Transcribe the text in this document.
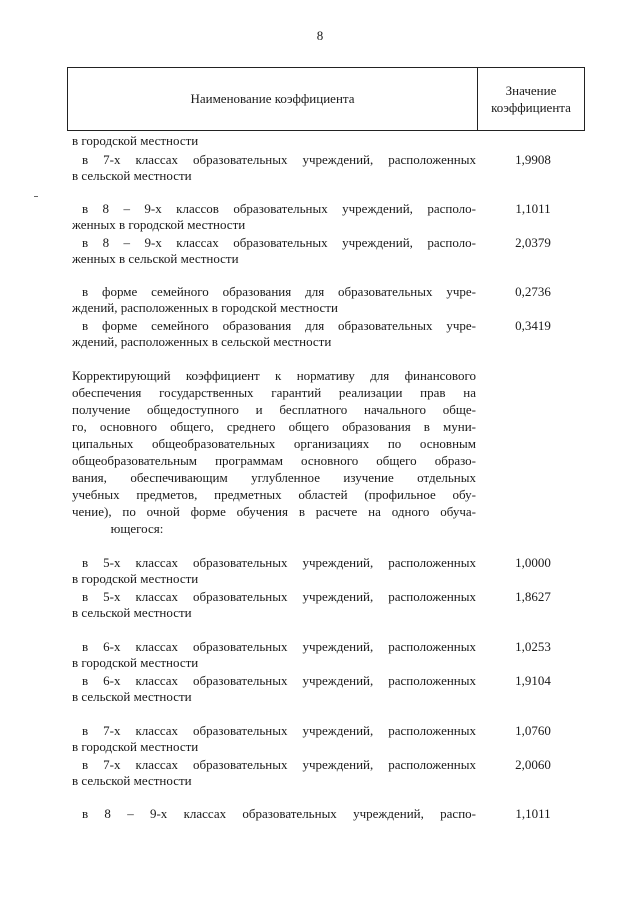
8
Наименование коэффициента
Значение
коэффициента
в городской местности
в 7-х классах образовательных учреждений, расположенных
в сельской местности
1,9908
в 8 – 9-х классов образовательных учреждений, располо-
женных в городской местности
1,1011
в 8 – 9-х классах образовательных учреждений, располо-
женных в сельской местности
2,0379
в форме семейного образования для образовательных учре-
ждений, расположенных в городской местности
0,2736
в форме семейного образования для образовательных учре-
ждений, расположенных в сельской местности
0,3419
Корректирующий коэффициент к нормативу для финансового
обеспечения государственных гарантий реализации прав на
получение общедоступного и бесплатного начального обще-
го, основного общего, среднего общего образования в муни-
ципальных общеобразовательных организациях по основным
общеобразовательным программам основного общего образо-
вания, обеспечивающим углубленное изучение отдельных
учебных предметов, предметных областей (профильное обу-
чение), по очной форме обучения в расчете на одного обуча-
ющегося:
в 5-х классах образовательных учреждений, расположенных
в городской местности
1,0000
в 5-х классах образовательных учреждений, расположенных
в сельской местности
1,8627
в 6-х классах образовательных учреждений, расположенных
в городской местности
1,0253
в 6-х классах образовательных учреждений, расположенных
в сельской местности
1,9104
в 7-х классах образовательных учреждений, расположенных
в городской местности
1,0760
в 7-х классах образовательных учреждений, расположенных
в сельской местности
2,0060
в 8 – 9-х классах образовательных учреждений, распо-	1,1011
